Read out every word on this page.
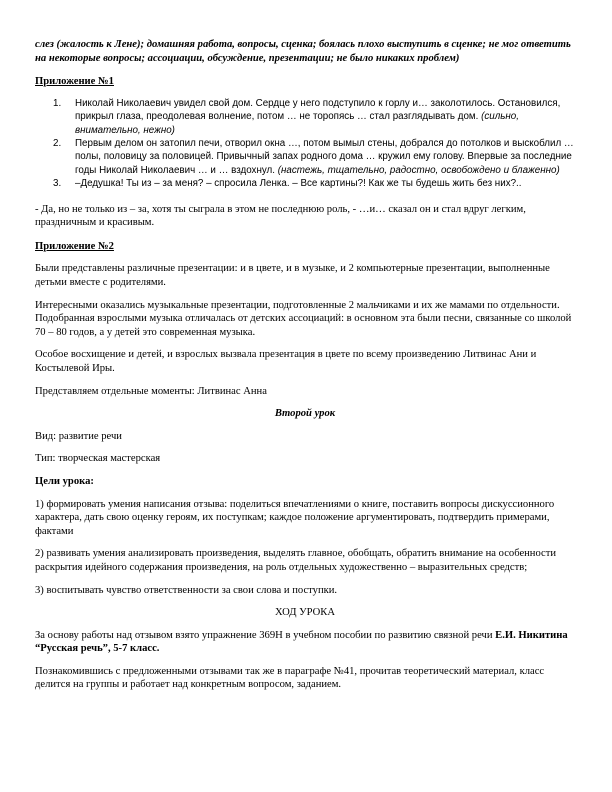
слез (жалость к Лене); домашняя работа, вопросы, сценка; боялась плохо выступить в сценке; не мог ответить на некоторые вопросы; ассоциации, обсуждение, презентации; не было никаких проблем)

Приложение №1

1. Николай Николаевич увидел свой дом. Сердце у него подступило к горлу и… заколотилось. Остановился, прикрыл глаза, преодолевая волнение, потом … не торопясь … стал разглядывать дом. (сильно, внимательно, нежно)
2. Первым делом он затопил печи, отворил окна …, потом вымыл стены, добрался до потолков и выскоблил … полы, половицу за половицей. Привычный запах родного дома … кружил ему голову. Впервые за последние годы Николай Николаевич … и … вздохнул. (настежь, тщательно, радостно, освобождено и блаженно)
3. –Дедушка! Ты из – за меня? – спросила Ленка. – Все картины?! Как же ты будешь жить без них?..

- Да, но не только из – за, хотя ты сыграла в этом не последнюю роль, - …и… сказал он и стал вдруг легким, праздничным и красивым.

Приложение №2

Были представлены различные презентации: и в цвете, и в музыке, и 2 компьютерные презентации, выполненные детьми вместе с родителями.

Интересными оказались музыкальные презентации, подготовленные 2 мальчиками и их же мамами по отдельности. Подобранная взрослыми музыка отличалась от детских ассоциаций: в основном эта были песни, связанные со школой 70 – 80 годов, а у детей это современная музыка.

Особое восхищение и детей, и взрослых вызвала презентация в цвете по всему произведению Литвинас Ани и Костылевой Иры.

Представляем отдельные моменты: Литвинас Анна

Второй урок

Вид: развитие речи

Тип: творческая мастерская

Цели урока:

1) формировать умения написания отзыва: поделиться впечатлениями о книге, поставить вопросы дискуссионного характера, дать свою оценку героям, их поступкам; каждое положение аргументировать, подтвердить примерами, фактами

2) развивать умения анализировать произведения, выделять главное, обобщать, обратить внимание на особенности раскрытия идейного содержания произведения, на роль отдельных художественно – выразительных средств;

3) воспитывать чувство ответственности за свои слова и поступки.

ХОД УРОКА

За основу работы над отзывом взято упражнение 369Н в учебном пособии по развитию связной речи Е.И. Никитина “Русская речь”, 5-7 класс.

Познакомившись с предложенными отзывами так же в параграфе №41, прочитав теоретический материал, класс делится на группы и работает над конкретным вопросом, заданием.
